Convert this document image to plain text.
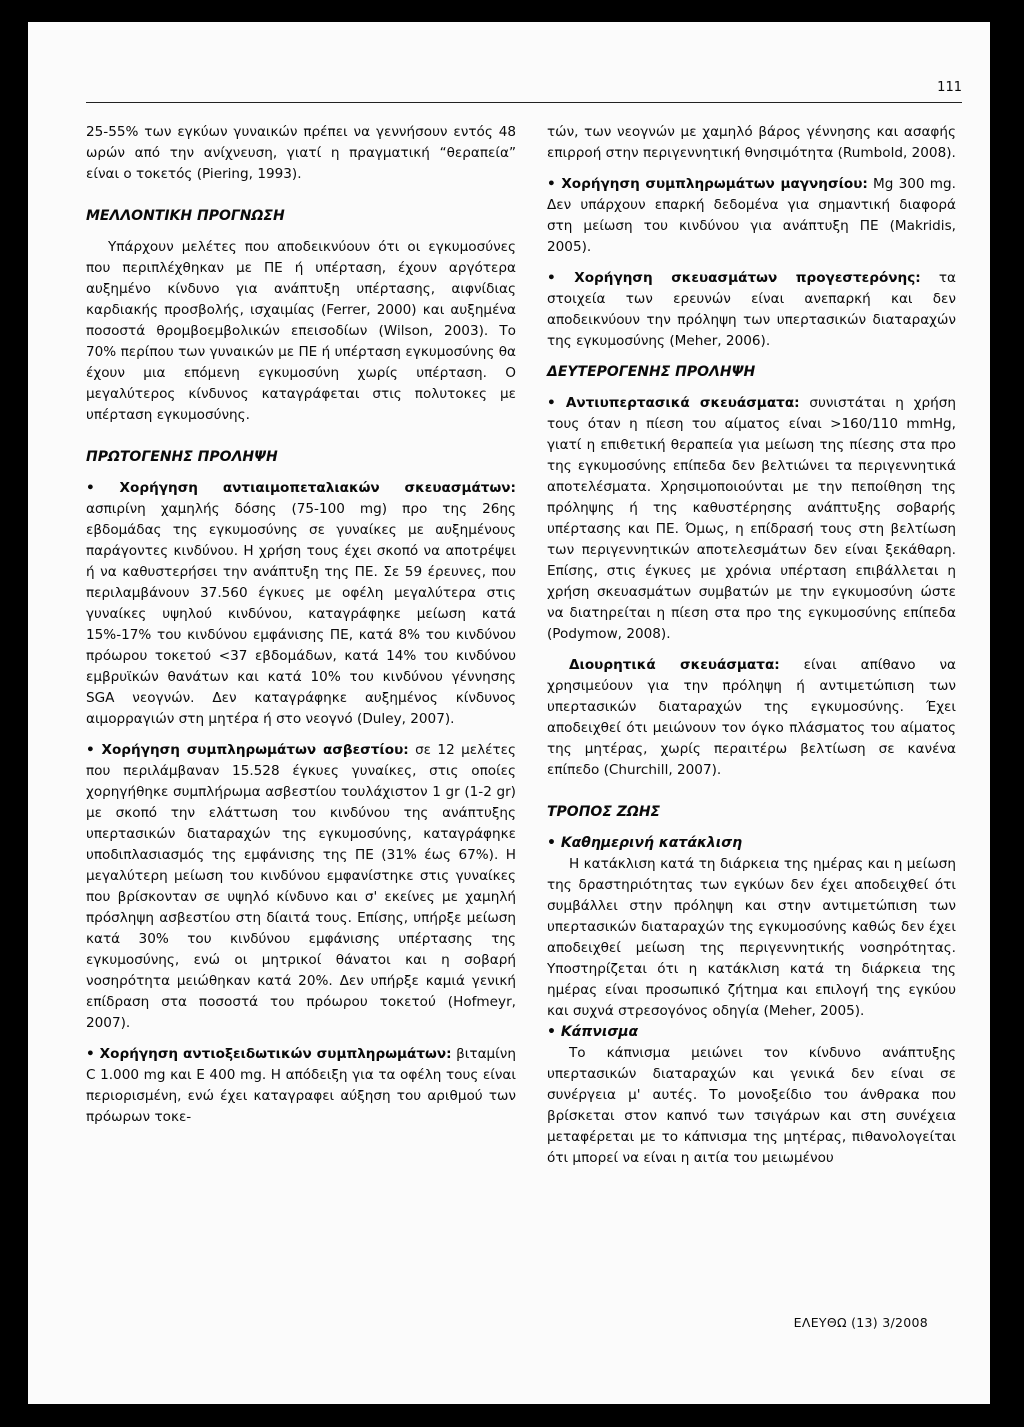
111

25-55% των εγκύων γυναικών πρέπει να γεννήσουν εντός 48 ωρών από την ανίχνευση, γιατί η πραγματική “θεραπεία” είναι ο τοκετός (Piering, 1993).

ΜΕΛΛΟΝΤΙΚΗ ΠΡΟΓΝΩΣΗ

Υπάρχουν μελέτες που αποδεικνύουν ότι οι εγκυμοσύνες που περιπλέχθηκαν με ΠΕ ή υπέρταση, έχουν αργότερα αυξημένο κίνδυνο για ανάπτυξη υπέρτασης, αιφνίδιας καρδιακής προσβολής, ισχαιμίας (Ferrer, 2000) και αυξημένα ποσοστά θρομβοεμβολικών επεισοδίων (Wilson, 2003). Το 70% περίπου των γυναικών με ΠΕ ή υπέρταση εγκυμοσύνης θα έχουν μια επόμενη εγκυμοσύνη χωρίς υπέρταση. Ο μεγαλύτερος κίνδυνος καταγράφεται στις πολυτοκες με υπέρταση εγκυμοσύνης.

ΠΡΩΤΟΓΕΝΗΣ ΠΡΟΛΗΨΗ

• Χορήγηση αντιαιμοπεταλιακών σκευασμάτων: ασπιρίνη χαμηλής δόσης (75-100 mg) προ της 26ης εβδομάδας της εγκυμοσύνης σε γυναίκες με αυξημένους παράγοντες κινδύνου. Η χρήση τους έχει σκοπό να αποτρέψει ή να καθυστερήσει την ανάπτυξη της ΠΕ. Σε 59 έρευνες, που περιλαμβάνουν 37.560 έγκυες με οφέλη μεγαλύτερα στις γυναίκες υψηλού κινδύνου, καταγράφηκε μείωση κατά 15%-17% του κινδύνου εμφάνισης ΠΕ, κατά 8% του κινδύνου πρόωρου τοκετού <37 εβδομάδων, κατά 14% του κινδύνου εμβρυϊκών θανάτων και κατά 10% του κινδύνου γέννησης SGA νεογνών. Δεν καταγράφηκε αυξημένος κίνδυνος αιμορραγιών στη μητέρα ή στο νεογνό (Duley, 2007).

• Χορήγηση συμπληρωμάτων ασβεστίου: σε 12 μελέτες που περιλάμβαναν 15.528 έγκυες γυναίκες, στις οποίες χορηγήθηκε συμπλήρωμα ασβεστίου τουλάχιστον 1 gr (1-2 gr) με σκοπό την ελάττωση του κινδύνου της ανάπτυξης υπερτασικών διαταραχών της εγκυμοσύνης, καταγράφηκε υποδιπλασιασμός της εμφάνισης της ΠΕ (31% έως 67%). Η μεγαλύτερη μείωση του κινδύνου εμφανίστηκε στις γυναίκες που βρίσκονταν σε υψηλό κίνδυνο και σ' εκείνες με χαμηλή πρόσληψη ασβεστίου στη δίαιτά τους. Επίσης, υπήρξε μείωση κατά 30% του κινδύνου εμφάνισης υπέρτασης της εγκυμοσύνης, ενώ οι μητρικοί θάνατοι και η σοβαρή νοσηρότητα μειώθηκαν κατά 20%. Δεν υπήρξε καμιά γενική επίδραση στα ποσοστά του πρόωρου τοκετού (Hofmeyr, 2007).

• Χορήγηση αντιοξειδωτικών συμπληρωμάτων: βιταμίνη C 1.000 mg και E 400 mg. Η απόδειξη για τα οφέλη τους είναι περιορισμένη, ενώ έχει καταγραφει αύξηση του αριθμού των πρόωρων τοκε-

τών, των νεογνών με χαμηλό βάρος γέννησης και ασαφής επιρροή στην περιγεννητική θνησιμότητα (Rumbold, 2008).

• Χορήγηση συμπληρωμάτων μαγνησίου: Mg 300 mg. Δεν υπάρχουν επαρκή δεδομένα για σημαντική διαφορά στη μείωση του κινδύνου για ανάπτυξη ΠΕ (Makridis, 2005).

• Χορήγηση σκευασμάτων προγεστερόνης: τα στοιχεία των ερευνών είναι ανεπαρκή και δεν αποδεικνύουν την πρόληψη των υπερτασικών διαταραχών της εγκυμοσύνης (Meher, 2006).

ΔΕΥΤΕΡΟΓΕΝΗΣ ΠΡΟΛΗΨΗ

• Αντιυπερτασικά σκευάσματα: συνιστάται η χρήση τους όταν η πίεση του αίματος είναι >160/110 mmHg, γιατί η επιθετική θεραπεία για μείωση της πίεσης στα προ της εγκυμοσύνης επίπεδα δεν βελτιώνει τα περιγεννητικά αποτελέσματα. Χρησιμοποιούνται με την πεποίθηση της πρόληψης ή της καθυστέρησης ανάπτυξης σοβαρής υπέρτασης και ΠΕ. Όμως, η επίδρασή τους στη βελτίωση των περιγεννητικών αποτελεσμάτων δεν είναι ξεκάθαρη. Επίσης, στις έγκυες με χρόνια υπέρταση επιβάλλεται η χρήση σκευασμάτων συμβατών με την εγκυμοσύνη ώστε να διατηρείται η πίεση στα προ της εγκυμοσύνης επίπεδα (Podymow, 2008).

Διουρητικά σκευάσματα: είναι απίθανο να χρησιμεύουν για την πρόληψη ή αντιμετώπιση των υπερτασικών διαταραχών της εγκυμοσύνης. Έχει αποδειχθεί ότι μειώνουν τον όγκο πλάσματος του αίματος της μητέρας, χωρίς περαιτέρω βελτίωση σε κανένα επίπεδο (Churchill, 2007).

ΤΡΟΠΟΣ ΖΩΗΣ

• Καθημερινή κατάκλιση

Η κατάκλιση κατά τη διάρκεια της ημέρας και η μείωση της δραστηριότητας των εγκύων δεν έχει αποδειχθεί ότι συμβάλλει στην πρόληψη και στην αντιμετώπιση των υπερτασικών διαταραχών της εγκυμοσύνης καθώς δεν έχει αποδειχθεί μείωση της περιγεννητικής νοσηρότητας. Υποστηρίζεται ότι η κατάκλιση κατά τη διάρκεια της ημέρας είναι προσωπικό ζήτημα και επιλογή της εγκύου και συχνά στρεσογόνος οδηγία (Meher, 2005).

• Κάπνισμα

Το κάπνισμα μειώνει τον κίνδυνο ανάπτυξης υπερτασικών διαταραχών και γενικά δεν είναι σε συνέργεια μ' αυτές. Το μονοξείδιο του άνθρακα που βρίσκεται στον καπνό των τσιγάρων και στη συνέχεια μεταφέρεται με το κάπνισμα της μητέρας, πιθανολογείται ότι μπορεί να είναι η αιτία του μειωμένου

ΕΛΕΥΘΩ (13) 3/2008
